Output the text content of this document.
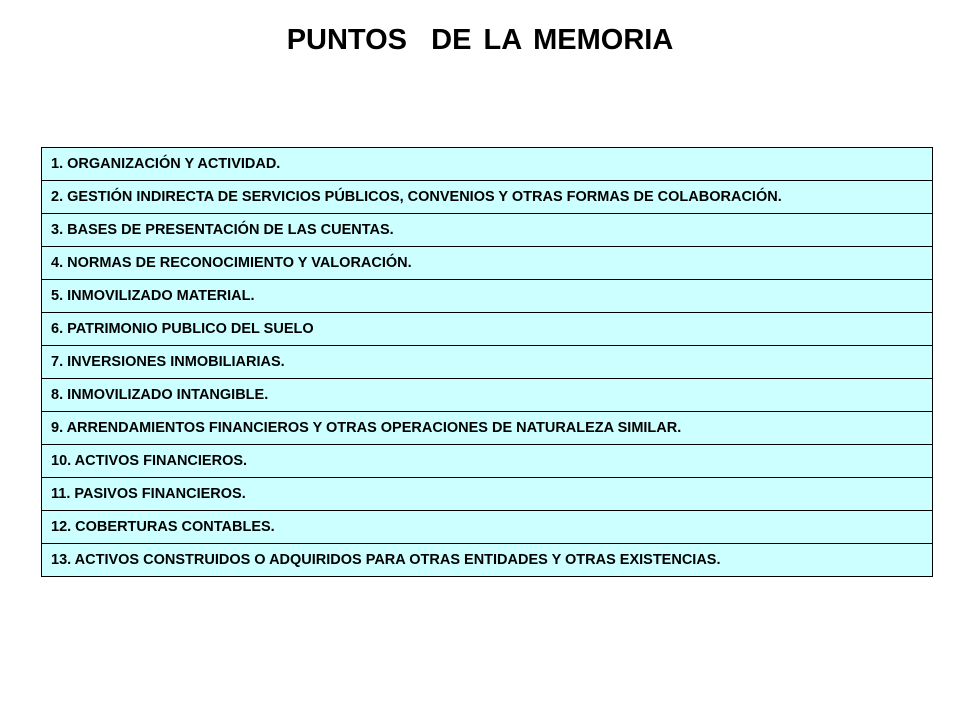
PUNTOS  DE LA MEMORIA
1. ORGANIZACIÓN Y ACTIVIDAD.
2. GESTIÓN INDIRECTA DE SERVICIOS PÚBLICOS, CONVENIOS Y OTRAS FORMAS DE COLABORACIÓN.
3. BASES DE PRESENTACIÓN DE LAS CUENTAS.
4. NORMAS DE RECONOCIMIENTO Y VALORACIÓN.
5. INMOVILIZADO MATERIAL.
6. PATRIMONIO PUBLICO DEL SUELO
7. INVERSIONES INMOBILIARIAS.
8. INMOVILIZADO INTANGIBLE.
9. ARRENDAMIENTOS FINANCIEROS Y OTRAS OPERACIONES DE NATURALEZA SIMILAR.
10. ACTIVOS FINANCIEROS.
11. PASIVOS FINANCIEROS.
12. COBERTURAS CONTABLES.
13. ACTIVOS CONSTRUIDOS O ADQUIRIDOS PARA OTRAS ENTIDADES Y OTRAS EXISTENCIAS.
